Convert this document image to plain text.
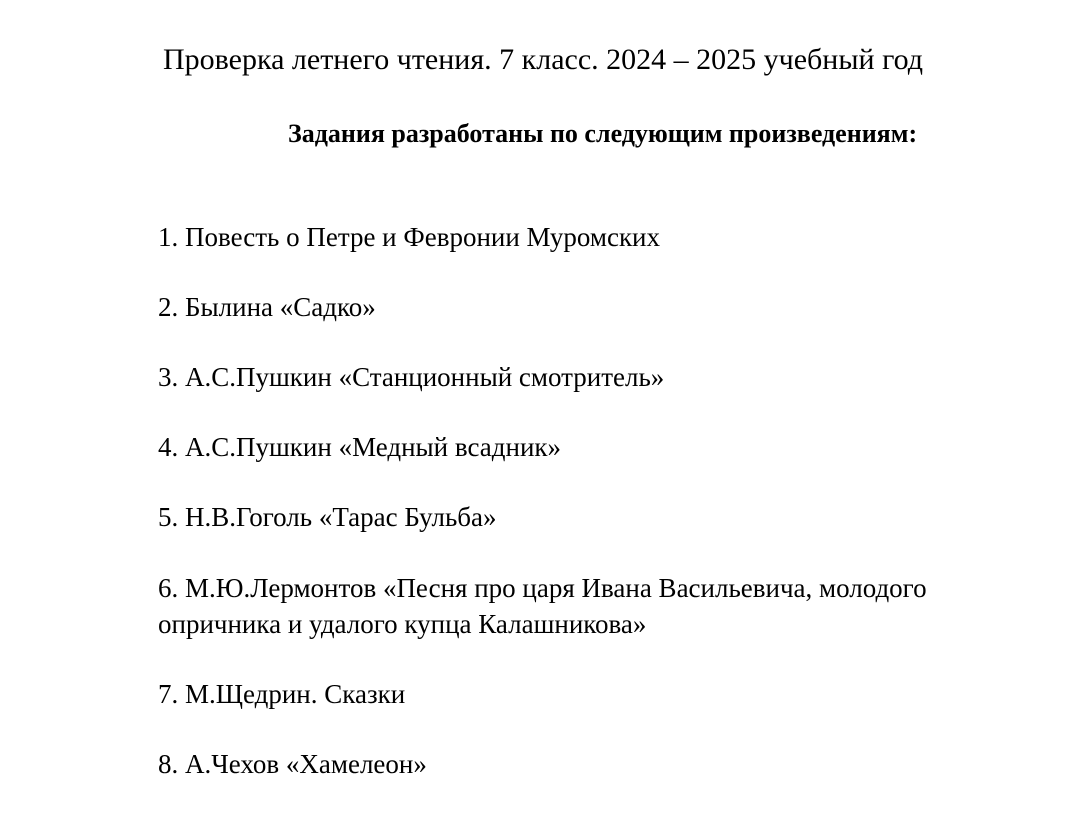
Проверка летнего чтения. 7 класс. 2024 – 2025 учебный год
Задания разработаны по следующим произведениям:
1. Повесть о Петре и Февронии Муромских
2. Былина «Садко»
3. А.С.Пушкин «Станционный смотритель»
4. А.С.Пушкин «Медный всадник»
5. Н.В.Гоголь «Тарас Бульба»
6. М.Ю.Лермонтов «Песня про царя Ивана Васильевича, молодого опричника и удалого купца Калашникова»
7. М.Щедрин. Сказки
8. А.Чехов «Хамелеон»
